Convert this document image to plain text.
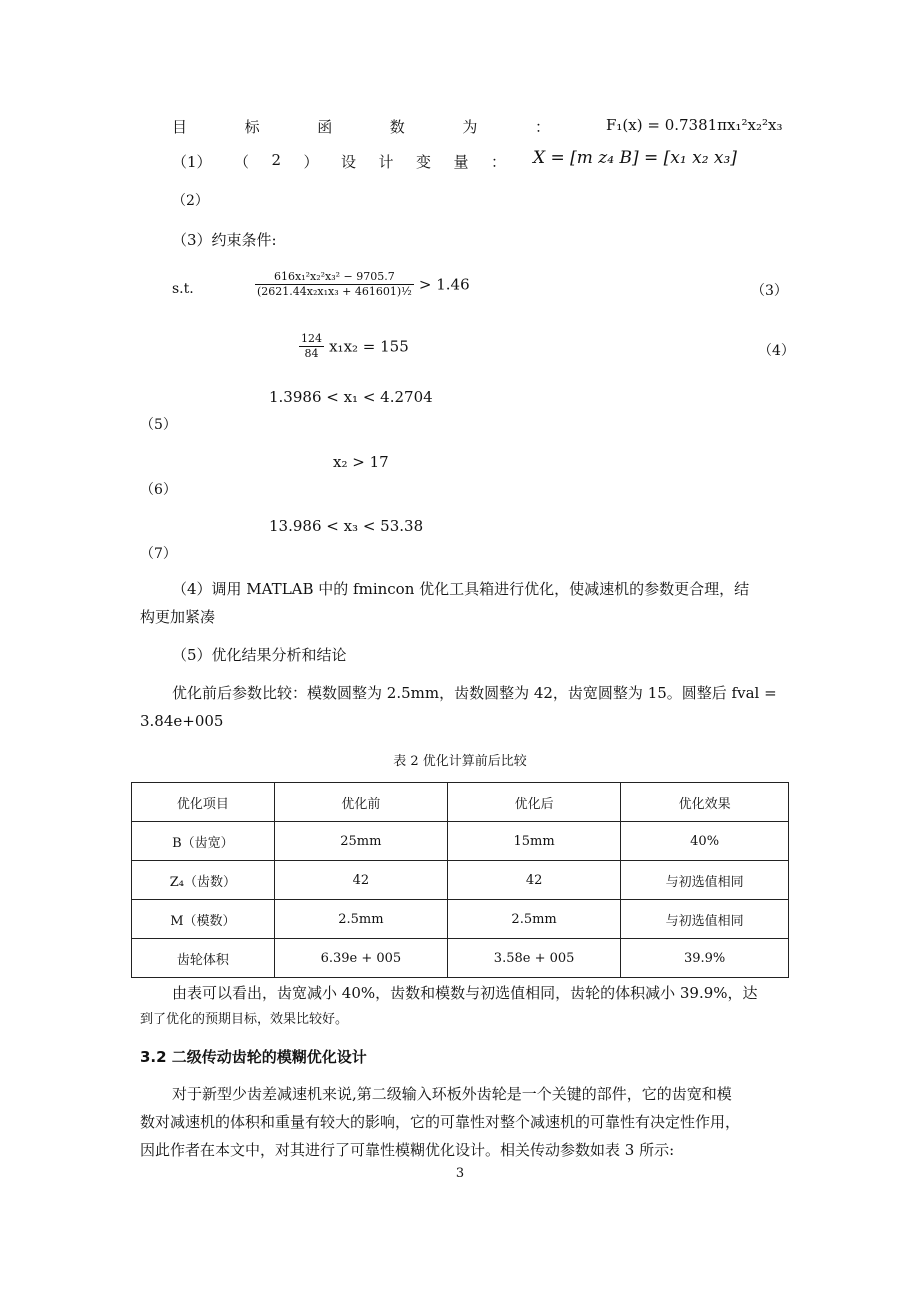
目	标	函	数	为	：	F₁(x) = 0.7381πx₁²x₂²x₃
（1） （ 2 ） 设 计 变 量 ： X = [m z₄ B] = [x₁ x₂ x₃]
（2）
（3）约束条件:
s.t.	$\frac{\text{616x₁²x₂²x₃² − 9705.7}}{\text{(2621.44x₂x₁x₃ + 461601)¹⁄₂}} > 1.46$	（3）
$\frac{124}{84} x_1x_2 = 155$	（4）
1.3986 < x₁ < 4.2704
（5）
x₂ > 17
（6）
13.986 < x₃ < 53.38
（7）
（4）调用 MATLAB 中的 fmincon 优化工具箱进行优化，使减速机的参数更合理，结
构更加紧凑
（5）优化结果分析和结论
优化前后参数比较：模数圆整为 2.5mm，齿数圆整为 42，齿宽圆整为 15。圆整后 fval =
3.84e+005
表 2 优化计算前后比较
优化项目	优化前	优化后	优化效果
B（齿宽）	25mm	15mm	40%
Z₄（齿数）	42	42	与初选值相同
M（模数）	2.5mm	2.5mm	与初选值相同
齿轮体积	6.39e + 005	3.58e + 005	39.9%
由表可以看出，齿宽减小 40%，齿数和模数与初选值相同，齿轮的体积减小 39.9%，达
到了优化的预期目标，效果比较好。
3.2 二级传动齿轮的模糊优化设计
对于新型少齿差减速机来说,第二级输入环板外齿轮是一个关键的部件，它的齿宽和模
数对减速机的体积和重量有较大的影响，它的可靠性对整个减速机的可靠性有决定性作用，
因此作者在本文中，对其进行了可靠性模糊优化设计。相关传动参数如表 3 所示:
3
